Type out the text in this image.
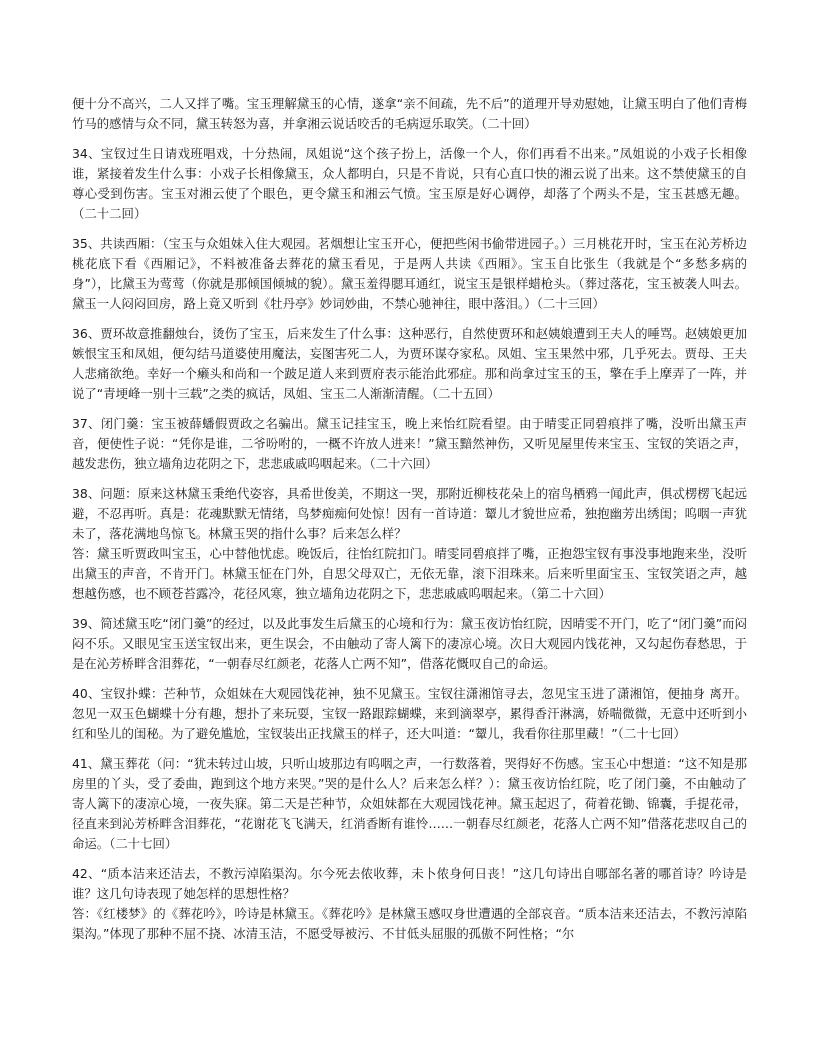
便十分不高兴，二人又拌了嘴。宝玉理解黛玉的心情，遂拿“亲不间疏，先不后”的道理开导劝慰她，让黛玉明白了他们青梅竹马的感情与众不同，黛玉转怒为喜，并拿湘云说话咬舌的毛病逗乐取笑。（二十回）

34、宝钗过生日请戏班唱戏，十分热闹，凤姐说“这个孩子扮上，活像一个人，你们再看不出来。”凤姐说的小戏子长相像谁，紧接着发生什么事：小戏子长相像黛玉，众人都明白，只是不肯说，只有心直口快的湘云说了出来。这不禁使黛玉的自尊心受到伤害。宝玉对湘云使了个眼色，更令黛玉和湘云气愤。宝玉原是好心调停，却落了个两头不是，宝玉甚感无趣。（二十二回）

35、共读西厢：（宝玉与众姐妹入住大观园。茗烟想让宝玉开心，便把些闲书偷带进园子。）三月桃花开时，宝玉在沁芳桥边桃花底下看《西厢记》，不料被准备去葬花的黛玉看见，于是两人共读《西厢》。宝玉自比张生（我就是个“多愁多病的身”），比黛玉为莺莺（你就是那倾国倾城的貌）。黛玉羞得腮耳通红，说宝玉是银样蜡枪头。（葬过落花，宝玉被袭人叫去。黛玉一人闷闷回房，路上竟又听到《牡丹亭》妙词妙曲，不禁心驰神往，眼中落泪。）（二十三回）

36、贾环故意推翻烛台，烫伤了宝玉，后来发生了什么事：这种恶行，自然使贾环和赵姨娘遭到王夫人的唾骂。赵姨娘更加嫉恨宝玉和凤姐，便勾结马道婆使用魔法，妄图害死二人，为贾环谋夺家私。凤姐、宝玉果然中邪，几乎死去。贾母、王夫人悲痛欲绝。幸好一个癞头和尚和一个跛足道人来到贾府表示能治此邪症。那和尚拿过宝玉的玉，擎在手上摩弄了一阵，并说了“青埂峰一别十三载”之类的疯话，凤姐、宝玉二人渐渐清醒。（二十五回）

37、闭门羹：宝玉被薛蟠假贾政之名骗出。黛玉记挂宝玉，晚上来怡红院看望。由于晴雯正同碧痕拌了嘴，没听出黛玉声音，便使性子说：“凭你是谁，二爷吩咐的，一概不许放人进来！”黛玉黯然神伤，又听见屋里传来宝玉、宝钗的笑语之声，越发悲伤，独立墙角边花阴之下，悲悲戚戚呜咽起来。（二十六回）

38、问题：原来这林黛玉秉绝代姿容，具希世俊美，不期这一哭，那附近柳枝花朵上的宿鸟栖鸦一闻此声，俱忒楞楞飞起远避，不忍再听。真是：花魂默默无情绪，鸟梦痴痴何处惊！因有一首诗道：颦儿才貌世应希，独抱幽芳出绣闺；呜咽一声犹未了，落花满地鸟惊飞。林黛玉哭的指什么事？后来怎么样？

答：黛玉听贾政叫宝玉，心中替他忧虑。晚饭后，往怡红院扣门。晴雯同碧痕拌了嘴，正抱怨宝钗有事没事地跑来坐，没听出黛玉的声音，不肯开门。林黛玉怔在门外，自思父母双亡，无依无靠，滚下泪珠来。后来听里面宝玉、宝钗笑语之声，越想越伤感，也不顾苍苔露冷，花径风寒，独立墙角边花阴之下，悲悲戚戚呜咽起来。（第二十六回）

39、简述黛玉吃“闭门羹”的经过，以及此事发生后黛玉的心境和行为：黛玉夜访怡红院，因晴雯不开门，吃了“闭门羹”而闷闷不乐。又眼见宝玉送宝钗出来，更生误会，不由触动了寄人篱下的凄凉心境。次日大观园内饯花神，又勾起伤春愁思，于是在沁芳桥畔含泪葬花，“一朝春尽红颜老，花落人亡两不知”，借落花慨叹自己的命运。

40、宝钗扑蝶：芒种节，众姐妹在大观园饯花神，独不见黛玉。宝钗往潇湘馆寻去，忽见宝玉进了潇湘馆，便抽身 离开。忽见一双玉色蝴蝶十分有趣，想扑了来玩耍，宝钗一路跟踪蝴蝶，来到滴翠亭，累得香汗淋漓，娇喘微微，无意中还听到小红和坠儿的闺秘。为了避免尴尬，宝钗装出正找黛玉的样子，还大叫道：“颦儿，我看你往那里藏！”（二十七回）

41、黛玉葬花（问：“犹未转过山坡，只听山坡那边有呜咽之声，一行数落着，哭得好不伤感。宝玉心中想道：“这不知是那房里的丫头，受了委曲，跑到这个地方来哭。”哭的是什么人？后来怎么样？）：黛玉夜访怡红院，吃了闭门羹，不由触动了寄人篱下的凄凉心境，一夜失寐。第二天是芒种节，众姐妹都在大观园饯花神。黛玉起迟了，荷着花锄、锦囊，手提花帚，径直来到沁芳桥畔含泪葬花，“花谢花飞飞满天，红消香断有谁怜……一朝春尽红颜老，花落人亡两不知”借落花悲叹自己的命运。（二十七回）

42、“质本洁来还洁去，不教污淖陷渠沟。尔今死去侬收葬，未卜侬身何日丧！”这几句诗出自哪部名著的哪首诗？吟诗是谁？这几句诗表现了她怎样的思想性格？

答：《红楼梦》的《葬花吟》，吟诗是林黛玉。《葬花吟》是林黛玉感叹身世遭遇的全部哀音。“质本洁来还洁去，不教污淖陷渠沟。”体现了那种不屈不挠、冰清玉洁，不愿受辱被污、不甘低头屈服的孤傲不阿性格；“尔
